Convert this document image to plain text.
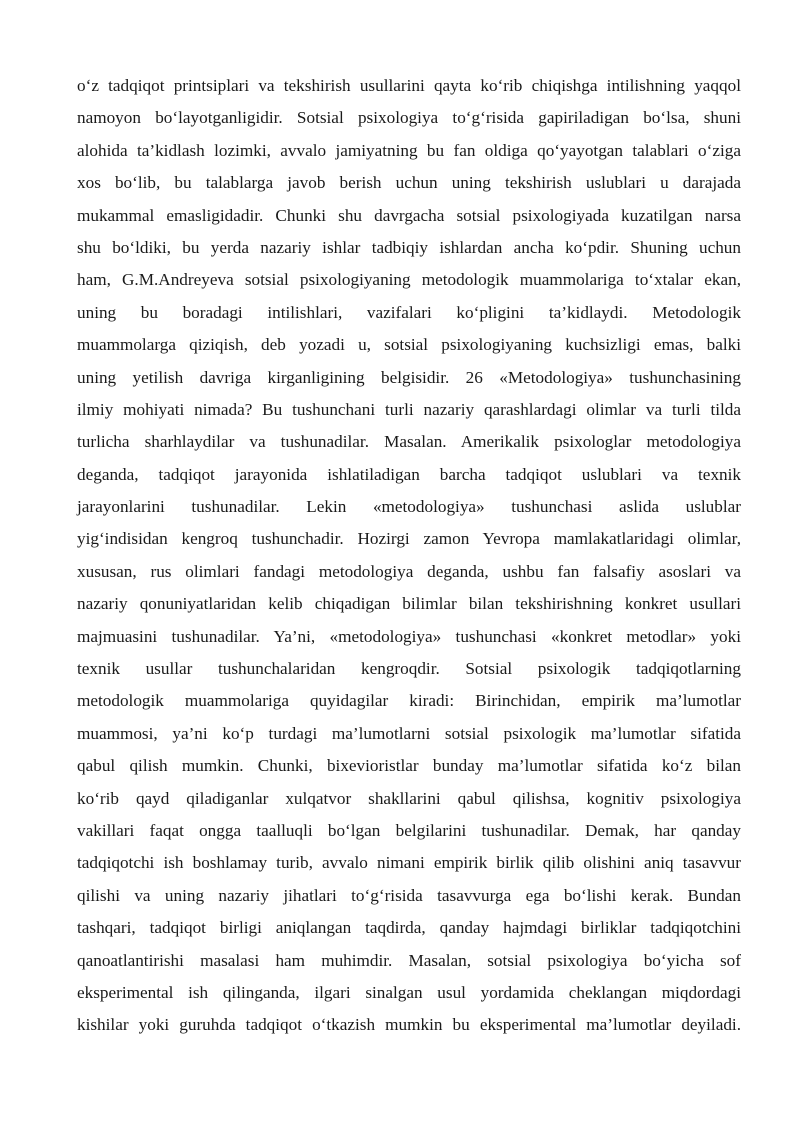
o‘z tadqiqot printsiplari va tekshirish usullarini qayta ko‘rib chiqishga intilishning yaqqol
namoyon bo‘layotganligidir. Sotsial psixologiya to‘g‘risida gapiriladigan bo‘lsa, shuni
alohida ta’kidlash lozimki, avvalo jamiyatning bu fan oldiga qo‘yayotgan talablari o‘ziga
xos bo‘lib, bu talablarga javob berish uchun uning tekshirish uslublari u darajada
mukammal emasligidadir. Chunki shu davrgacha sotsial psixologiyada kuzatilgan narsa
shu bo‘ldiki, bu yerda nazariy ishlar tadbiqiy ishlardan ancha ko‘pdir. Shuning uchun
ham, G.M.Andreyeva sotsial psixologiyaning metodologik muammolariga to‘xtalar ekan,
uning bu boradagi intilishlari, vazifalari ko‘pligini ta’kidlaydi. Metodologik
muammolarga qiziqish, deb yozadi u, sotsial psixologiyaning kuchsizligi emas, balki
uning yetilish davriga kirganligining belgisidir. 26 «Metodologiya» tushunchasining
ilmiy mohiyati nimada? Bu tushunchani turli nazariy qarashlardagi olimlar va turli tilda
turlicha sharhlaydilar va tushunadilar. Masalan. Amerikalik psixologlar metodologiya
deganda, tadqiqot jarayonida ishlatiladigan barcha tadqiqot uslublari va texnik
jarayonlarini tushunadilar. Lekin «metodologiya» tushunchasi aslida uslublar
yig‘indisidan kengroq tushunchadir. Hozirgi zamon Yevropa mamlakatlaridagi olimlar,
xususan, rus olimlari fandagi metodologiya deganda, ushbu fan falsafiy asoslari va
nazariy qonuniyatlaridan kelib chiqadigan bilimlar bilan tekshirishning konkret usullari
majmuasini tushunadilar. Ya’ni, «metodologiya» tushunchasi «konkret metodlar» yoki
texnik usullar tushunchalaridan kengroqdir. Sotsial psixologik tadqiqotlarning
metodologik muammolariga quyidagilar kiradi: Birinchidan, empirik ma’lumotlar
muammosi, ya’ni ko‘p turdagi ma’lumotlarni sotsial psixologik ma’lumotlar sifatida
qabul qilish mumkin. Chunki, bixevioristlar bunday ma’lumotlar sifatida ko‘z bilan
ko‘rib qayd qiladiganlar xulqatvor shakllarini qabul qilishsa, kognitiv psixologiya
vakillari faqat ongga taalluqli bo‘lgan belgilarini tushunadilar. Demak, har qanday
tadqiqotchi ish boshlamay turib, avvalo nimani empirik birlik qilib olishini aniq tasavvur
qilishi va uning nazariy jihatlari to‘g‘risida tasavvurga ega bo‘lishi kerak. Bundan
tashqari, tadqiqot birligi aniqlangan taqdirda, qanday hajmdagi birliklar tadqiqotchini
qanoatlantirishi masalasi ham muhimdir. Masalan, sotsial psixologiya bo‘yicha sof
eksperimental ish qilinganda, ilgari sinalgan usul yordamida cheklangan miqdordagi
kishilar yoki guruhda tadqiqot o‘tkazish mumkin bu eksperimental ma’lumotlar deyiladi.
